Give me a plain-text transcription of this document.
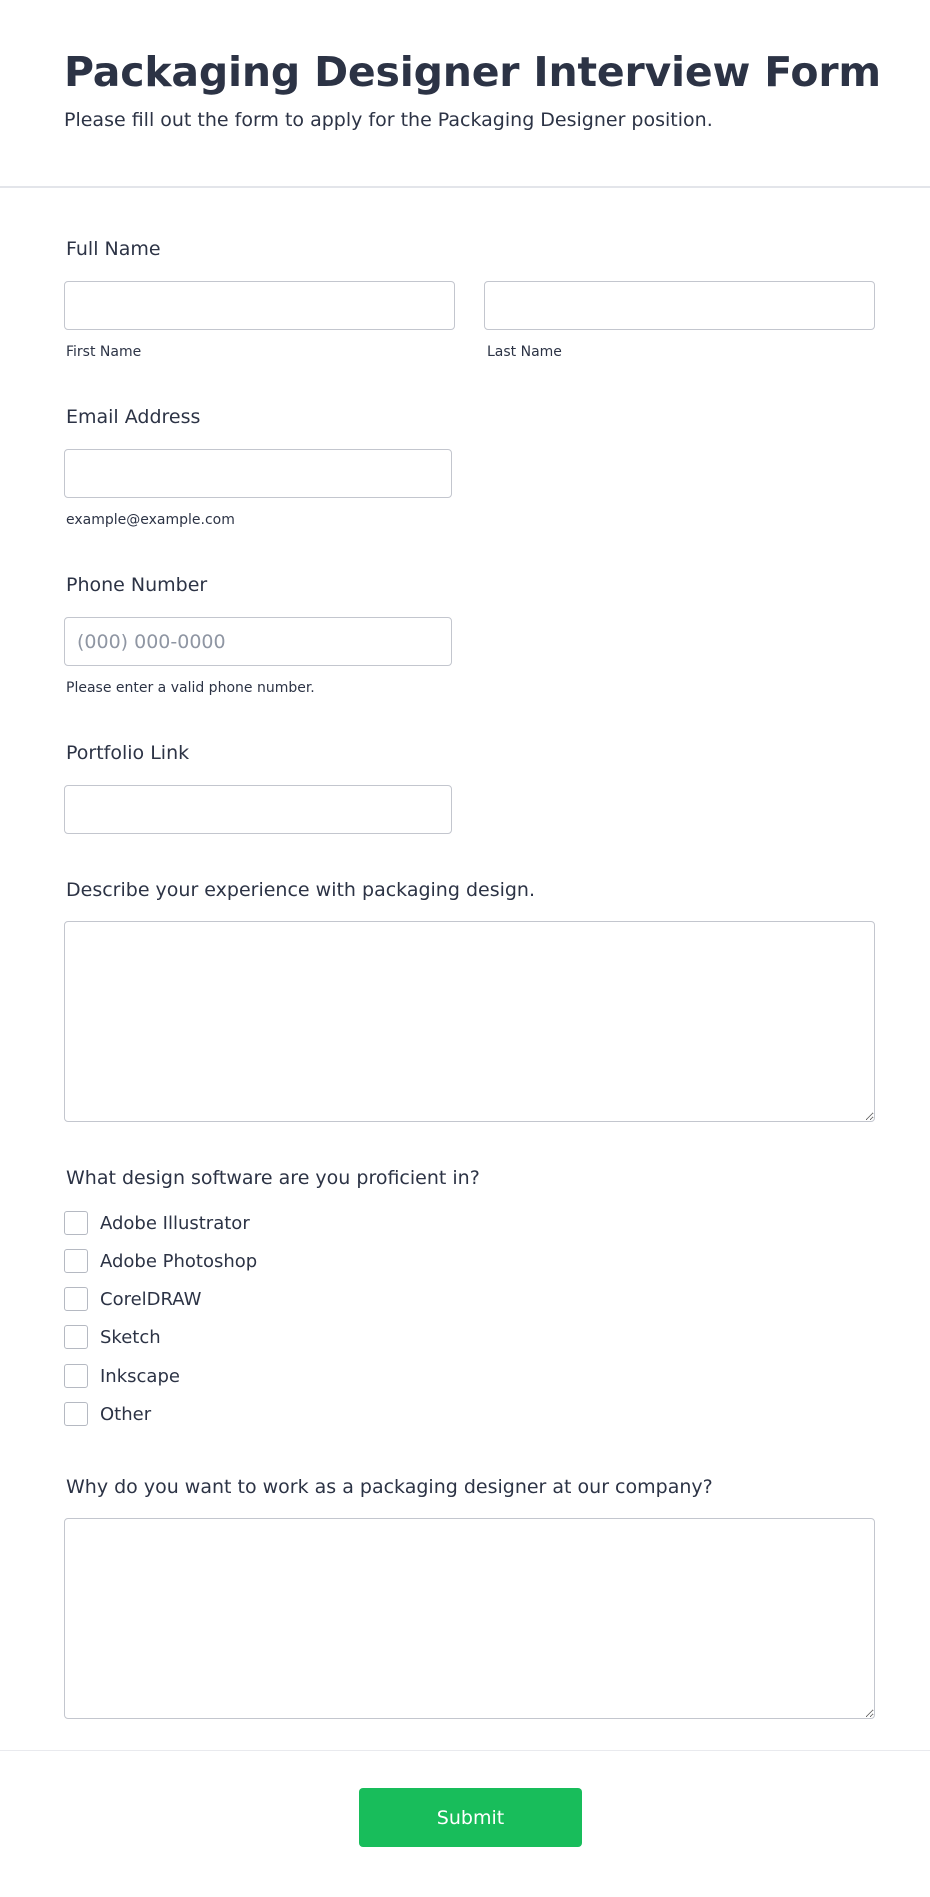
Packaging Designer Interview Form

Please fill out the form to apply for the Packaging Designer position.

Full Name
First Name	Last Name
Email Address
example@example.com
Phone Number
(000) 000-0000
Please enter a valid phone number.
Portfolio Link
Describe your experience with packaging design.
What design software are you proficient in?
Adobe Illustrator
Adobe Photoshop
CorelDRAW
Sketch
Inkscape
Other
Why do you want to work as a packaging designer at our company?
Submit
